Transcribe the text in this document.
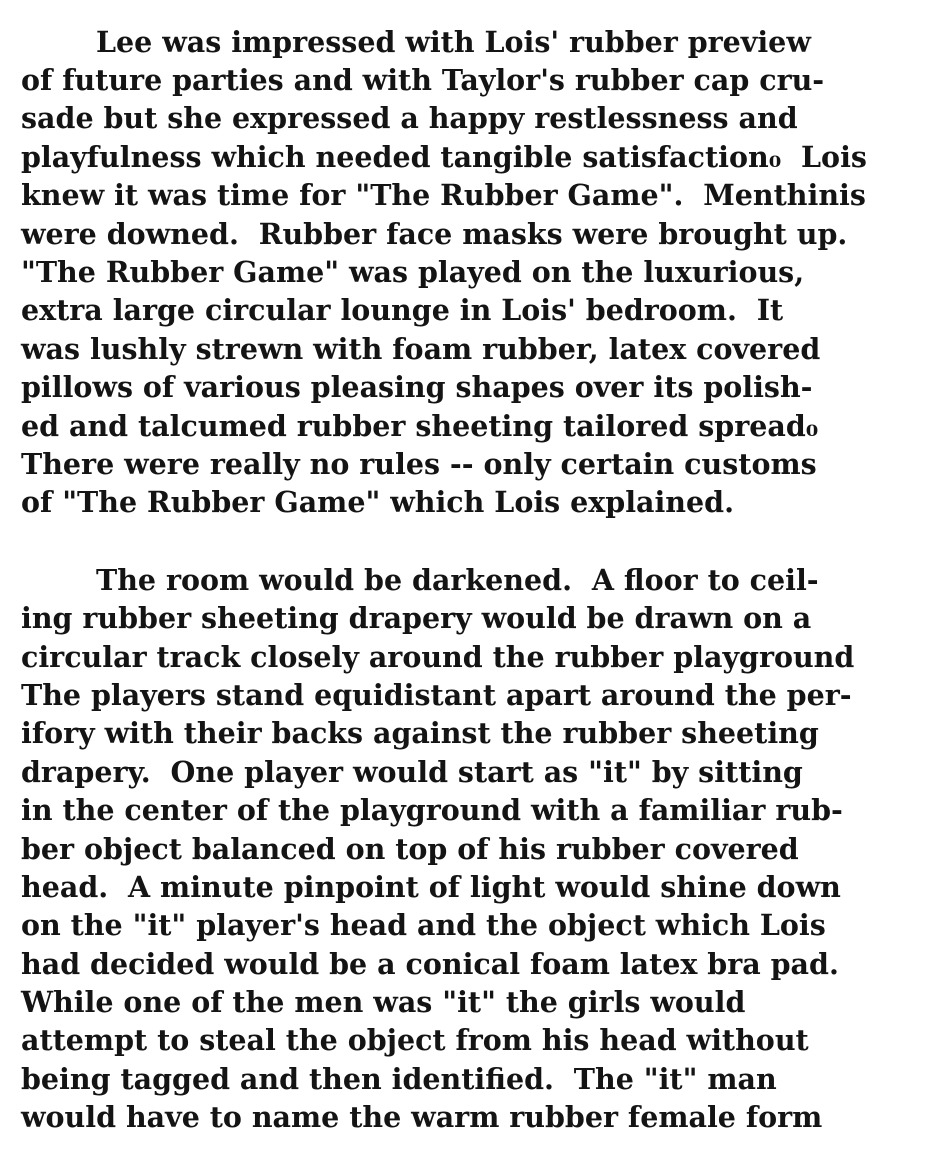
Lee was impressed with Lois' rubber preview
of future parties and with Taylor's rubber cap cru-
sade but she expressed a happy restlessness and
playfulness which needed tangible satisfaction₀  Lois
knew it was time for "The Rubber Game".  Menthinis
were downed.  Rubber face masks were brought up.
"The Rubber Game" was played on the luxurious,
extra large circular lounge in Lois' bedroom.  It
was lushly strewn with foam rubber, latex covered
pillows of various pleasing shapes over its polish-
ed and talcumed rubber sheeting tailored spread₀
There were really no rules -- only certain customs
of "The Rubber Game" which Lois explained.
The room would be darkened.  A floor to ceil-
ing rubber sheeting drapery would be drawn on a
circular track closely around the rubber playground
The players stand equidistant apart around the per-
ifory with their backs against the rubber sheeting
drapery.  One player would start as "it" by sitting
in the center of the playground with a familiar rub-
ber object balanced on top of his rubber covered
head.  A minute pinpoint of light would shine down
on the "it" player's head and the object which Lois
had decided would be a conical foam latex bra pad.
While one of the men was "it" the girls would
attempt to steal the object from his head without
being tagged and then identified.  The "it" man
would have to name the warm rubber female form
